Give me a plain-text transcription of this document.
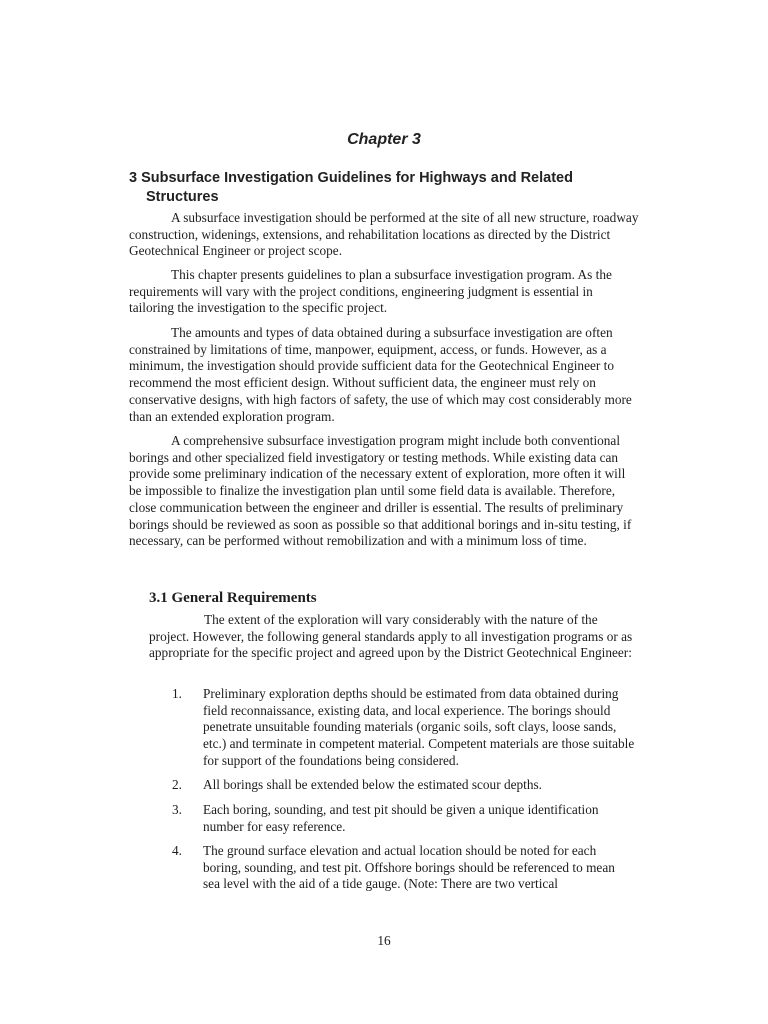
Chapter 3
3 Subsurface Investigation Guidelines for Highways and Related
Structures

A subsurface investigation should be performed at the site of all new structure, roadway construction, widenings, extensions, and rehabilitation locations as directed by the District Geotechnical Engineer or project scope.

This chapter presents guidelines to plan a subsurface investigation program. As the requirements will vary with the project conditions, engineering judgment is essential in tailoring the investigation to the specific project.

The amounts and types of data obtained during a subsurface investigation are often constrained by limitations of time, manpower, equipment, access, or funds. However, as a minimum, the investigation should provide sufficient data for the Geotechnical Engineer to recommend the most efficient design. Without sufficient data, the engineer must rely on conservative designs, with high factors of safety, the use of which may cost considerably more than an extended exploration program.

A comprehensive subsurface investigation program might include both conventional borings and other specialized field investigatory or testing methods. While existing data can provide some preliminary indication of the necessary extent of exploration, more often it will be impossible to finalize the investigation plan until some field data is available. Therefore, close communication between the engineer and driller is essential. The results of preliminary borings should be reviewed as soon as possible so that additional borings and in-situ testing, if necessary, can be performed without remobilization and with a minimum loss of time.

3.1 General Requirements

The extent of the exploration will vary considerably with the nature of the project. However, the following general standards apply to all investigation programs or as appropriate for the specific project and agreed upon by the District Geotechnical Engineer:

1. Preliminary exploration depths should be estimated from data obtained during field reconnaissance, existing data, and local experience. The borings should penetrate unsuitable founding materials (organic soils, soft clays, loose sands, etc.) and terminate in competent material. Competent materials are those suitable for support of the foundations being considered.
2. All borings shall be extended below the estimated scour depths.
3. Each boring, sounding, and test pit should be given a unique identification number for easy reference.
4. The ground surface elevation and actual location should be noted for each boring, sounding, and test pit. Offshore borings should be referenced to mean sea level with the aid of a tide gauge. (Note: There are two vertical
16
